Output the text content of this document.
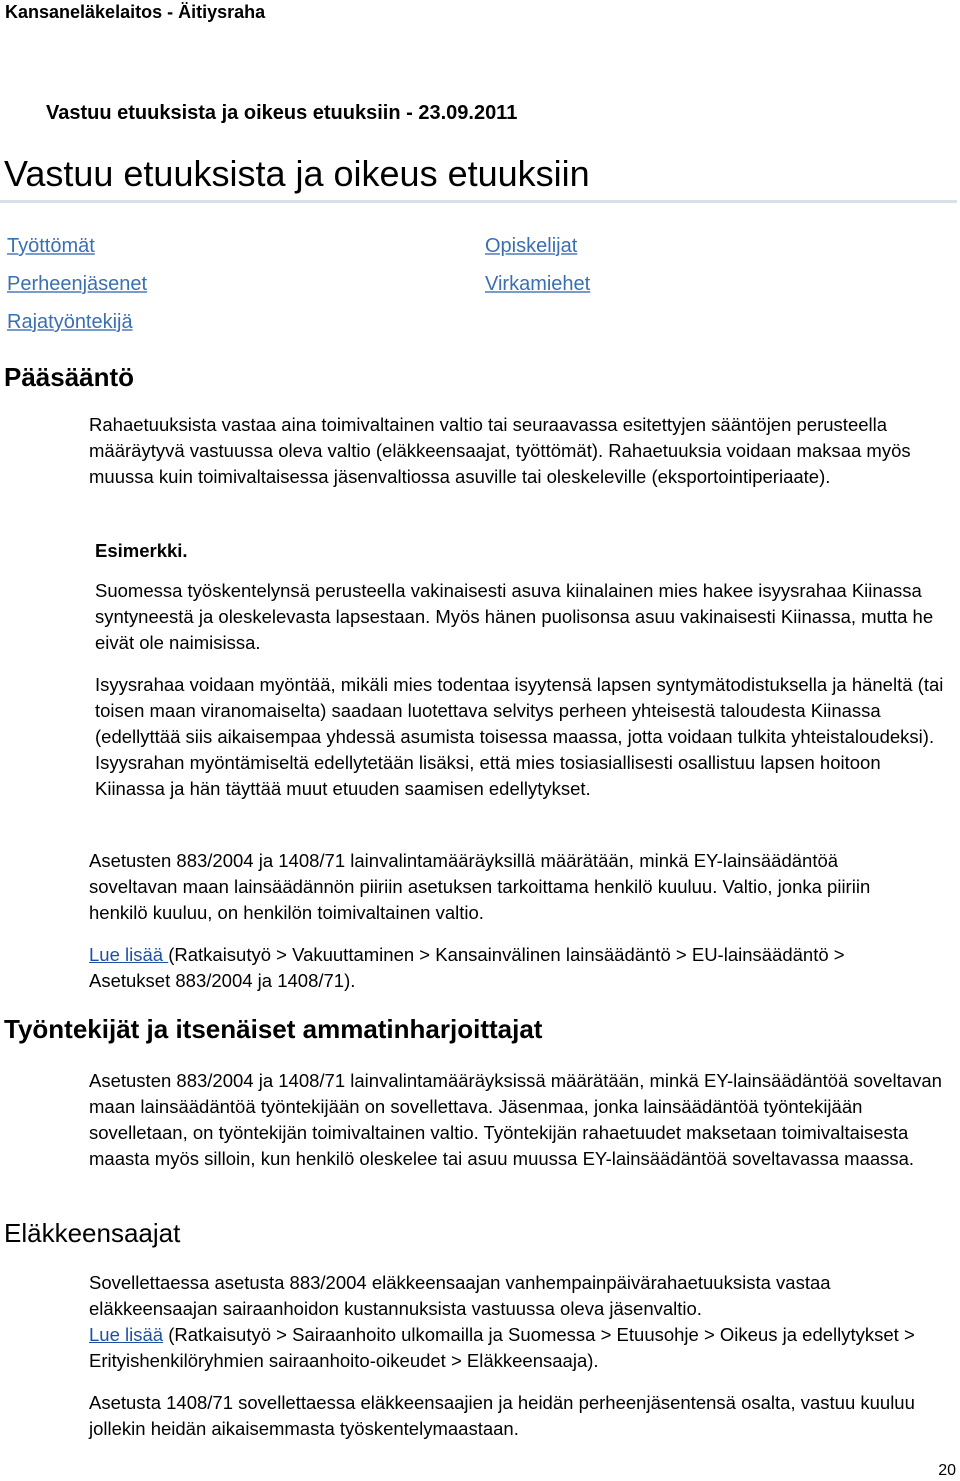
Kansaneläkelaitos - Äitiysraha
Vastuu etuuksista ja oikeus etuuksiin - 23.09.2011
Vastuu etuuksista ja oikeus etuuksiin
Työttömät
Perheenjäsenet
Rajatyöntekijä
Opiskelijat
Virkamiehet
Pääsääntö

Rahaetuuksista vastaa aina toimivaltainen valtio tai seuraavassa esitettyjen sääntöjen perusteella määräytyvä vastuussa oleva valtio (eläkkeensaajat, työttömät). Rahaetuuksia voidaan maksaa myös muussa kuin toimivaltaisessa jäsenvaltiossa asuville tai oleskeleville (eksportointiperiaate).

Esimerkki.

Suomessa työskentelynsä perusteella vakinaisesti asuva kiinalainen mies hakee isyysrahaa Kiinassa syntyneestä ja oleskelevasta lapsestaan. Myös hänen puolisonsa asuu vakinaisesti Kiinassa, mutta he eivät ole naimisissa.

Isyysrahaa voidaan myöntää, mikäli mies todentaa isyytensä lapsen syntymätodistuksella ja häneltä (tai toisen maan viranomaiselta) saadaan luotettava selvitys perheen yhteisestä taloudesta Kiinassa (edellyttää siis aikaisempaa yhdessä asumista toisessa maassa, jotta voidaan tulkita yhteistaloudeksi). Isyysrahan myöntämiseltä edellytetään lisäksi, että mies tosiasiallisesti osallistuu lapsen hoitoon Kiinassa ja hän täyttää muut etuuden saamisen edellytykset.

Asetusten 883/2004 ja 1408/71 lainvalintamääräyksillä määrätään, minkä EY-lainsäädäntöä soveltavan maan lainsäädännön piiriin asetuksen tarkoittama henkilö kuuluu. Valtio, jonka piiriin henkilö kuuluu, on henkilön toimivaltainen valtio.

Lue lisää (Ratkaisutyö > Vakuuttaminen > Kansainvälinen lainsäädäntö > EU-lainsäädäntö > Asetukset 883/2004 ja 1408/71).

Työntekijät ja itsenäiset ammatinharjoittajat

Asetusten 883/2004 ja 1408/71 lainvalintamääräyksissä määrätään, minkä EY-lainsäädäntöä soveltavan maan lainsäädäntöä työntekijään on sovellettava. Jäsenmaa, jonka lainsäädäntöä työntekijään sovelletaan, on työntekijän toimivaltainen valtio. Työntekijän rahaetuudet maksetaan toimivaltaisesta maasta myös silloin, kun henkilö oleskelee tai asuu muussa EY-lainsäädäntöä soveltavassa maassa.

Eläkkeensaajat

Sovellettaessa asetusta 883/2004 eläkkeensaajan vanhempainpäivärahaetuuksista vastaa eläkkeensaajan sairaanhoidon kustannuksista vastuussa oleva jäsenvaltio.
Lue lisää (Ratkaisutyö > Sairaanhoito ulkomailla ja Suomessa > Etuusohje > Oikeus ja edellytykset > Erityishenkilöryhmien sairaanhoito-oikeudet > Eläkkeensaaja).

Asetusta 1408/71 sovellettaessa eläkkeensaajien ja heidän perheenjäsentensä osalta, vastuu kuuluu jollekin heidän aikaisemmasta työskentelymaastaan.

20
